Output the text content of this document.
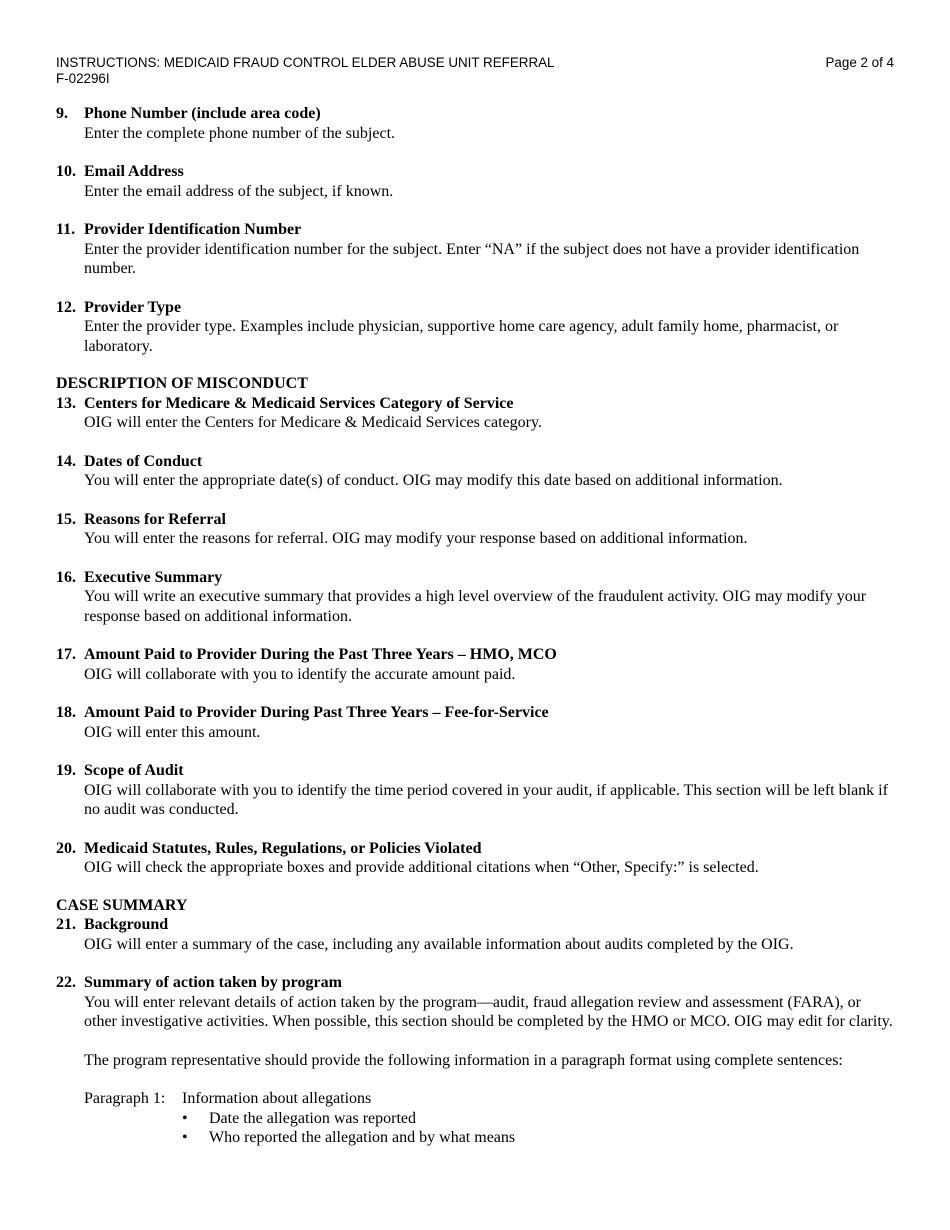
INSTRUCTIONS: MEDICAID FRAUD CONTROL ELDER ABUSE UNIT REFERRAL
F-02296I
Page 2 of 4
9. Phone Number (include area code)
Enter the complete phone number of the subject.
10. Email Address
Enter the email address of the subject, if known.
11. Provider Identification Number
Enter the provider identification number for the subject. Enter “NA” if the subject does not have a provider identification number.
12. Provider Type
Enter the provider type. Examples include physician, supportive home care agency, adult family home, pharmacist, or laboratory.
DESCRIPTION OF MISCONDUCT
13. Centers for Medicare & Medicaid Services Category of Service
OIG will enter the Centers for Medicare & Medicaid Services category.
14. Dates of Conduct
You will enter the appropriate date(s) of conduct. OIG may modify this date based on additional information.
15. Reasons for Referral
You will enter the reasons for referral. OIG may modify your response based on additional information.
16. Executive Summary
You will write an executive summary that provides a high level overview of the fraudulent activity. OIG may modify your response based on additional information.
17. Amount Paid to Provider During the Past Three Years – HMO, MCO
OIG will collaborate with you to identify the accurate amount paid.
18. Amount Paid to Provider During Past Three Years – Fee-for-Service
OIG will enter this amount.
19. Scope of Audit
OIG will collaborate with you to identify the time period covered in your audit, if applicable. This section will be left blank if no audit was conducted.
20. Medicaid Statutes, Rules, Regulations, or Policies Violated
OIG will check the appropriate boxes and provide additional citations when “Other, Specify:” is selected.
CASE SUMMARY
21. Background
OIG will enter a summary of the case, including any available information about audits completed by the OIG.
22. Summary of action taken by program
You will enter relevant details of action taken by the program—audit, fraud allegation review and assessment (FARA), or other investigative activities. When possible, this section should be completed by the HMO or MCO. OIG may edit for clarity.
The program representative should provide the following information in a paragraph format using complete sentences:
Paragraph 1:	Information about allegations
• Date the allegation was reported
• Who reported the allegation and by what means
